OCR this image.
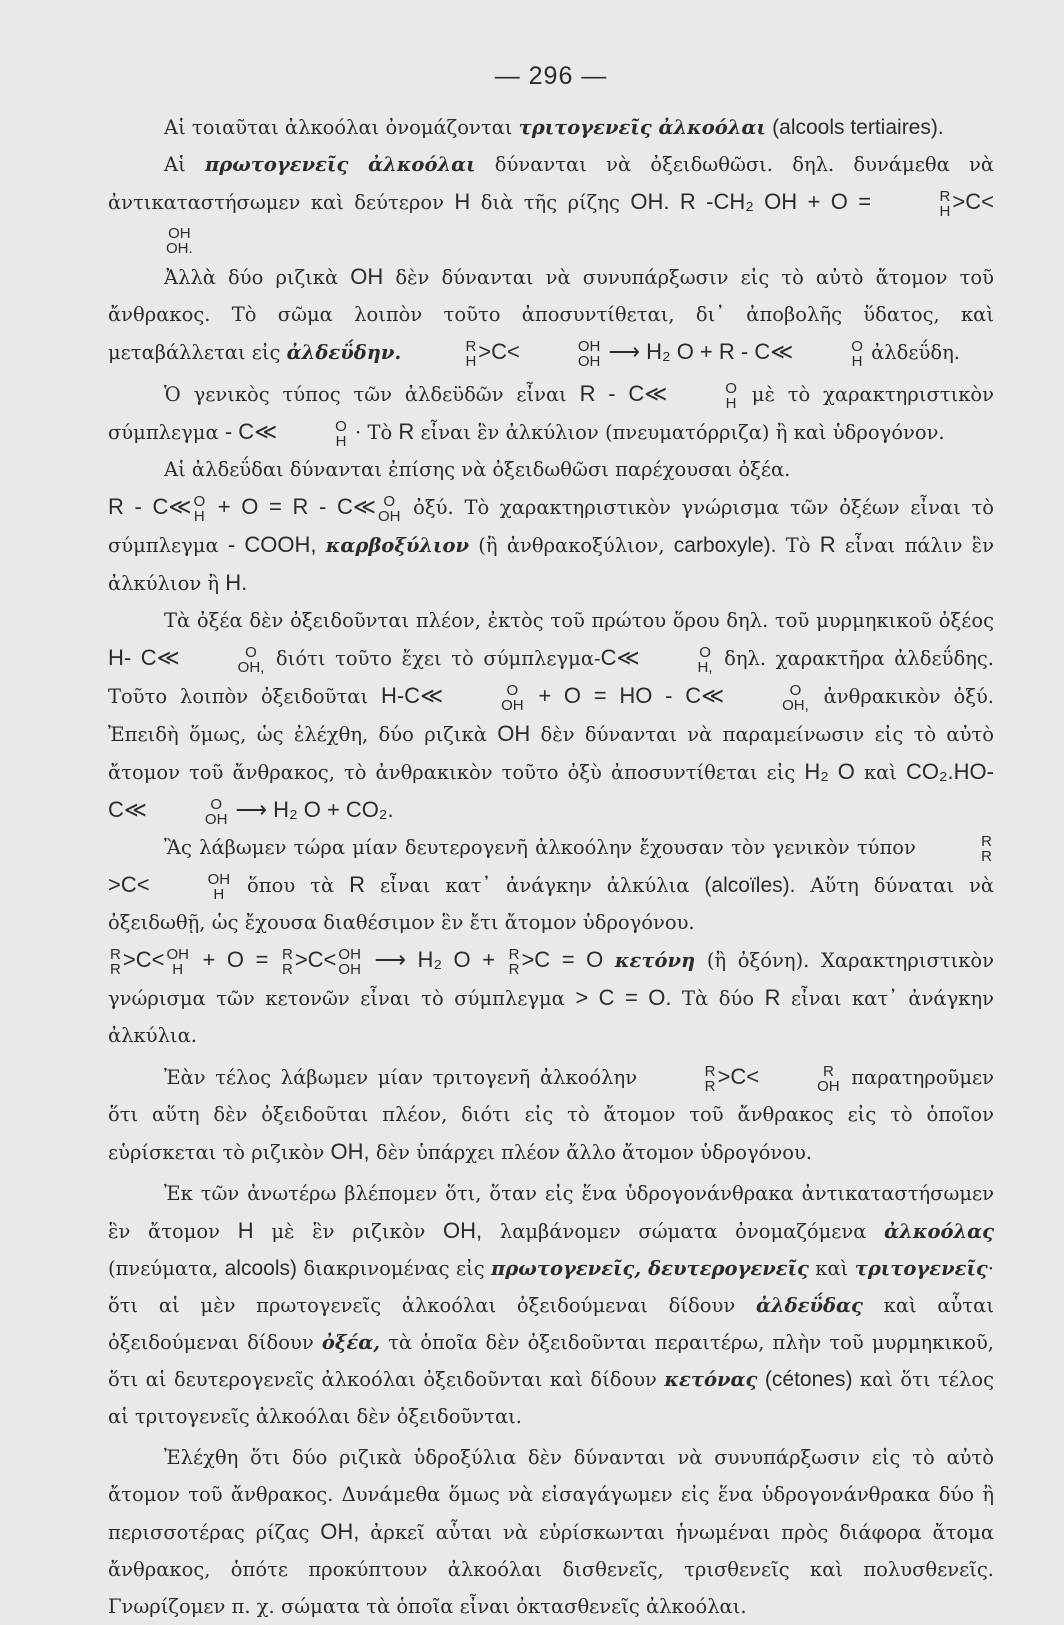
— 296 —

Αἱ τοιαῦται ἀλκοόλαι ὀνομάζονται τριτογενεῖς ἀλκοόλαι (alcools tertiaires).

Αἱ πρωτογενεῖς ἀλκοόλαι δύνανται νὰ ὀξειδωθῶσι. δηλ. δυνάμεθα νὰ ἀντικαταστήσωμεν καὶ δεύτερον H διὰ τῆς ρίζης OH. R -CH₂ OH + O =	R
H >C<
OH
OH.

Ἀλλὰ δύο ριζικὰ OH δὲν δύνανται νὰ συνυπάρξωσιν εἰς τὸ αὐτὸ ἄτομον τοῦ ἄνθρακος. Τὸ σῶμα λοιπὸν τοῦτο ἀποσυντίθεται, δι᾽ ἀποβολῆς ὕδατος, καὶ μεταβάλλεται εἰς ἀλδεΰδην.	R
H >C<	OH
OH ⟶ H₂ O + R - C≪	O
H ἀλδεΰδη.

Ὁ γενικὸς τύπος τῶν ἀλδεϋδῶν εἶναι R - C≪	O
H μὲ τὸ χαρακτηριστικὸν σύμπλεγμα - C≪	O
H · Τὸ R εἶναι ἓν ἀλκύλιον (πνευματόρριζα) ἢ καὶ ὑδρογόνον.

Αἱ ἀλδεΰδαι δύνανται ἐπίσης νὰ ὀξειδωθῶσι παρέχουσαι ὀξέα.

R - C≪ O
H + O = R - C≪ O
OH ὀξύ. Τὸ χαρακτηριστικὸν γνώρισμα τῶν ὀξέων εἶναι τὸ σύμπλεγμα - COOH, καρβοξύλιον (ἢ ἀνθρακοξύλιον, carboxyle). Τὸ R εἶναι πάλιν ἓν ἀλκύλιον ἢ H.

Τὰ ὀξέα δὲν ὀξειδοῦνται πλέον, ἐκτὸς τοῦ πρώτου ὅρου δηλ. τοῦ μυρμηκικοῦ ὀξέος H- C≪	O
OH, διότι τοῦτο ἔχει τὸ σύμπλεγμα-C≪	O
H, δηλ. χαρακτῆρα ἀλδεΰδης. Τοῦτο λοιπὸν ὀξειδοῦται H-C≪	O
OH + O = HO - C≪	O
OH, ἀνθρακικὸν ὀξύ. Ἐπειδὴ ὅμως, ὡς ἐλέχθη, δύο ριζικὰ OH δὲν δύνανται νὰ παραμείνωσιν εἰς τὸ αὐτὸ ἄτομον τοῦ ἄνθρακος, τὸ ἀνθρακικὸν τοῦτο ὀξὺ ἀποσυντίθεται εἰς H₂ O καὶ CO₂.HO- C≪	O
OH ⟶ H₂ O + CO₂.

Ἂς λάβωμεν τώρα μίαν δευτερογενῆ ἀλκοόλην ἔχουσαν τὸν γενικὸν τύπον	R
R
>C<	OH
H ὅπου τὰ R εἶναι κατ᾽ ἀνάγκην ἀλκύλια (alcoïles). Αὕτη δύναται νὰ ὀξειδωθῇ, ὡς ἔχουσα διαθέσιμον ἓν ἔτι ἄτομον ὑδρογόνου.

R
R >C< OH
H + O = R
R >C< OH
OH ⟶ H₂ O + R
R >C = O κετόνη (ἢ ὀξόνη). Χαρακτηριστικὸν γνώρισμα τῶν κετονῶν εἶναι τὸ σύμπλεγμα > C = O. Τὰ δύο R εἶναι κατ᾽ ἀνάγκην ἀλκύλια.

Ἐὰν τέλος λάβωμεν μίαν τριτογενῆ ἀλκοόλην	R
R >C<	R
OH παρατηροῦμεν ὅτι αὕτη δὲν ὀξειδοῦται πλέον, διότι εἰς τὸ ἄτομον τοῦ ἄνθρακος εἰς τὸ ὁποῖον εὑρίσκεται τὸ ριζικὸν OH, δὲν ὑπάρχει πλέον ἄλλο ἄτομον ὑδρογόνου.

Ἐκ τῶν ἀνωτέρω βλέπομεν ὅτι, ὅταν εἰς ἕνα ὑδρογονάνθρακα ἀντικαταστήσωμεν ἓν ἄτομον H μὲ ἓν ριζικὸν OH, λαμβάνομεν σώματα ὀνομαζόμενα ἀλκοόλας (πνεύματα, alcools) διακρινομένας εἰς πρωτογενεῖς, δευτερογενεῖς καὶ τριτογενεῖς· ὅτι αἱ μὲν πρωτογενεῖς ἀλκοόλαι ὀξειδούμεναι δίδουν ἀλδεΰδας καὶ αὗται ὀξειδούμεναι δίδουν ὀξέα, τὰ ὁποῖα δὲν ὀξειδοῦνται περαιτέρω, πλὴν τοῦ μυρμηκικοῦ, ὅτι αἱ δευτερογενεῖς ἀλκοόλαι ὀξειδοῦνται καὶ δίδουν κετόνας (cétones) καὶ ὅτι τέλος αἱ τριτογενεῖς ἀλκοόλαι δὲν ὀξειδοῦνται.

Ἐλέχθη ὅτι δύο ριζικὰ ὑδροξύλια δὲν δύνανται νὰ συνυπάρξωσιν εἰς τὸ αὐτὸ ἄτομον τοῦ ἄνθρακος. Δυνάμεθα ὅμως νὰ εἰσαγάγωμεν εἰς ἕνα ὑδρογονάνθρακα δύο ἢ περισσοτέρας ρίζας OH, ἀρκεῖ αὗται νὰ εὑρίσκωνται ἡνωμέναι πρὸς διάφορα ἄτομα ἄνθρακος, ὁπότε προκύπτουν ἀλκοόλαι δισθενεῖς, τρισθενεῖς καὶ πολυσθενεῖς. Γνωρίζομεν π. χ. σώματα τὰ ὁποῖα εἶναι ὀκτασθενεῖς ἀλκοόλαι.
